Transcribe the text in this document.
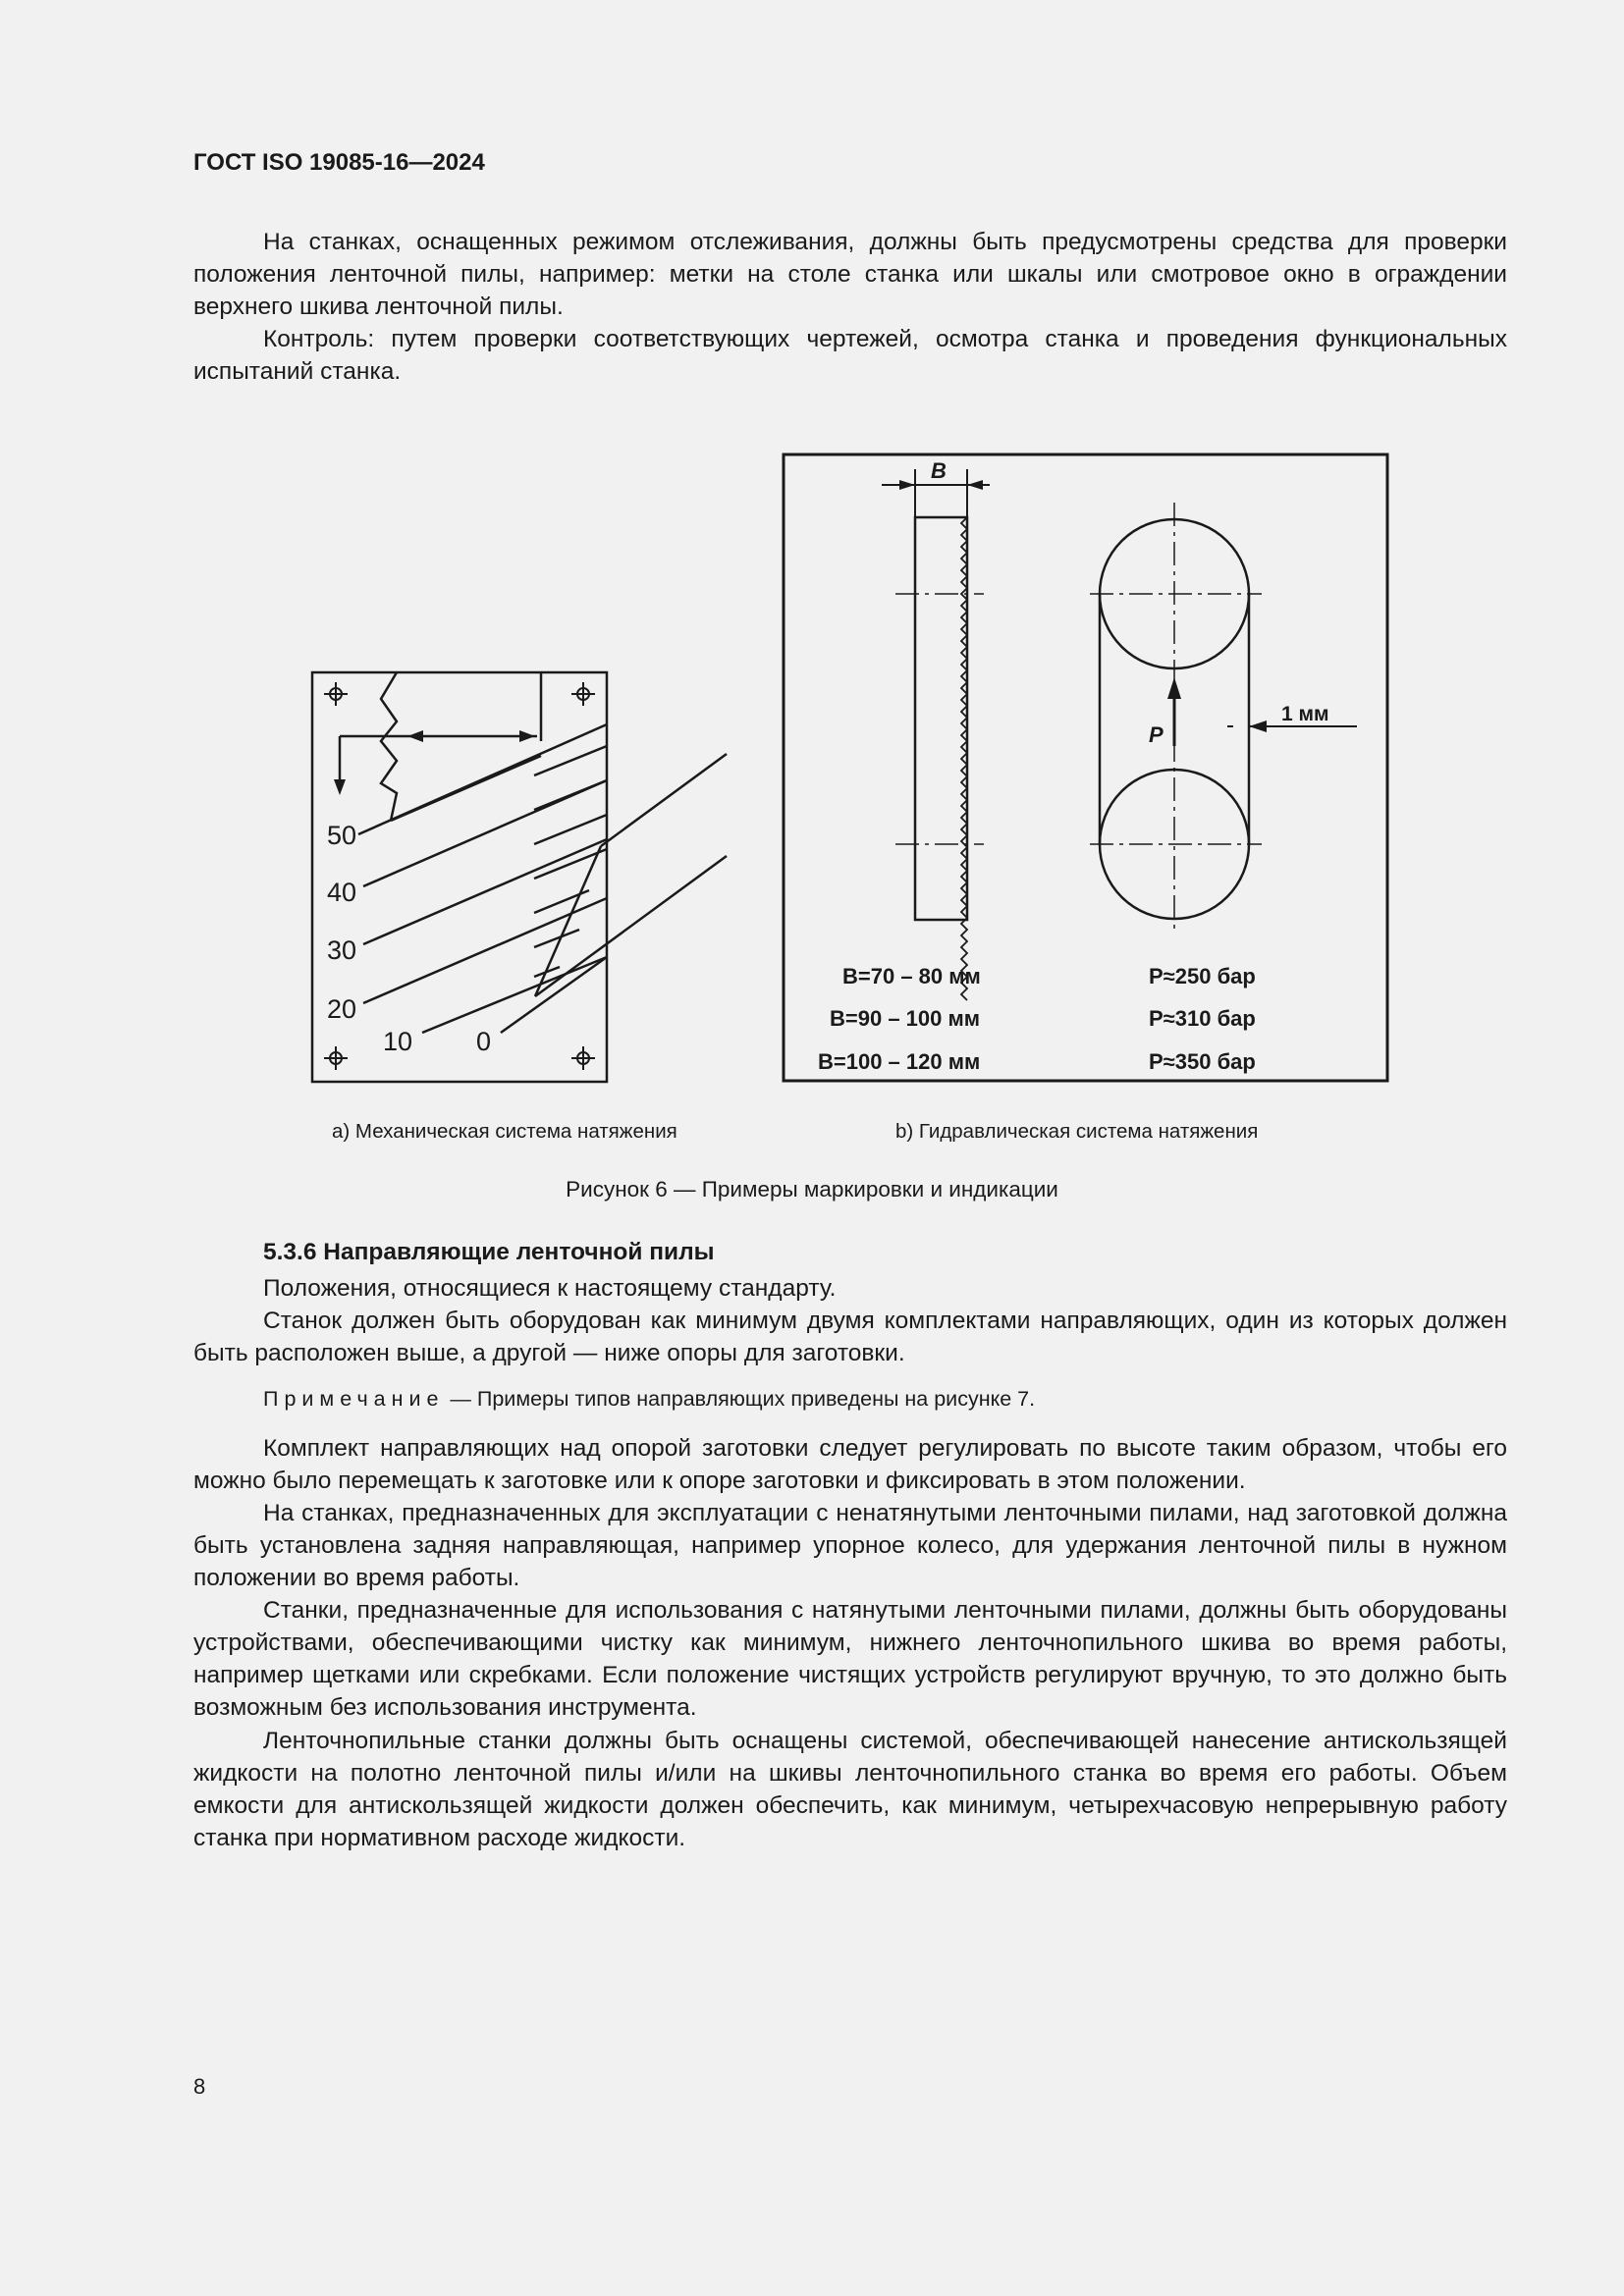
ГОСТ ISO 19085-16—2024

На станках, оснащенных режимом отслеживания, должны быть предусмотрены средства для проверки положения ленточной пилы, например: метки на столе станка или шкалы или смотровое окно в ограждении верхнего шкива ленточной пилы.

Контроль: путем проверки соответствующих чертежей, осмотра станка и проведения функциональных испытаний станка.

50
40
30
20
10 0
B
P
1 мм
B=70 – 80 мм
B=90 – 100 мм
B=100 – 120 мм
P≈250 бар
P≈310 бар
P≈350 бар
а) Механическая система натяжения	b) Гидравлическая система натяжения
Рисунок 6 — Примеры маркировки и индикации
5.3.6 Направляющие ленточной пилы

Положения, относящиеся к настоящему стандарту.

Станок должен быть оборудован как минимум двумя комплектами направляющих, один из которых должен быть расположен выше, а другой — ниже опоры для заготовки.

Примечание — Примеры типов направляющих приведены на рисунке 7.

Комплект направляющих над опорой заготовки следует регулировать по высоте таким образом, чтобы его можно было перемещать к заготовке или к опоре заготовки и фиксировать в этом положении.

На станках, предназначенных для эксплуатации с ненатянутыми ленточными пилами, над заготовкой должна быть установлена задняя направляющая, например упорное колесо, для удержания ленточной пилы в нужном положении во время работы.

Станки, предназначенные для использования с натянутыми ленточными пилами, должны быть оборудованы устройствами, обеспечивающими чистку как минимум, нижнего ленточнопильного шкива во время работы, например щетками или скребками. Если положение чистящих устройств регулируют вручную, то это должно быть возможным без использования инструмента.

Ленточнопильные станки должны быть оснащены системой, обеспечивающей нанесение антискользящей жидкости на полотно ленточной пилы и/или на шкивы ленточнопильного станка во время его работы. Объем емкости для антискользящей жидкости должен обеспечить, как минимум, четырехчасовую непрерывную работу станка при нормативном расходе жидкости.

8
